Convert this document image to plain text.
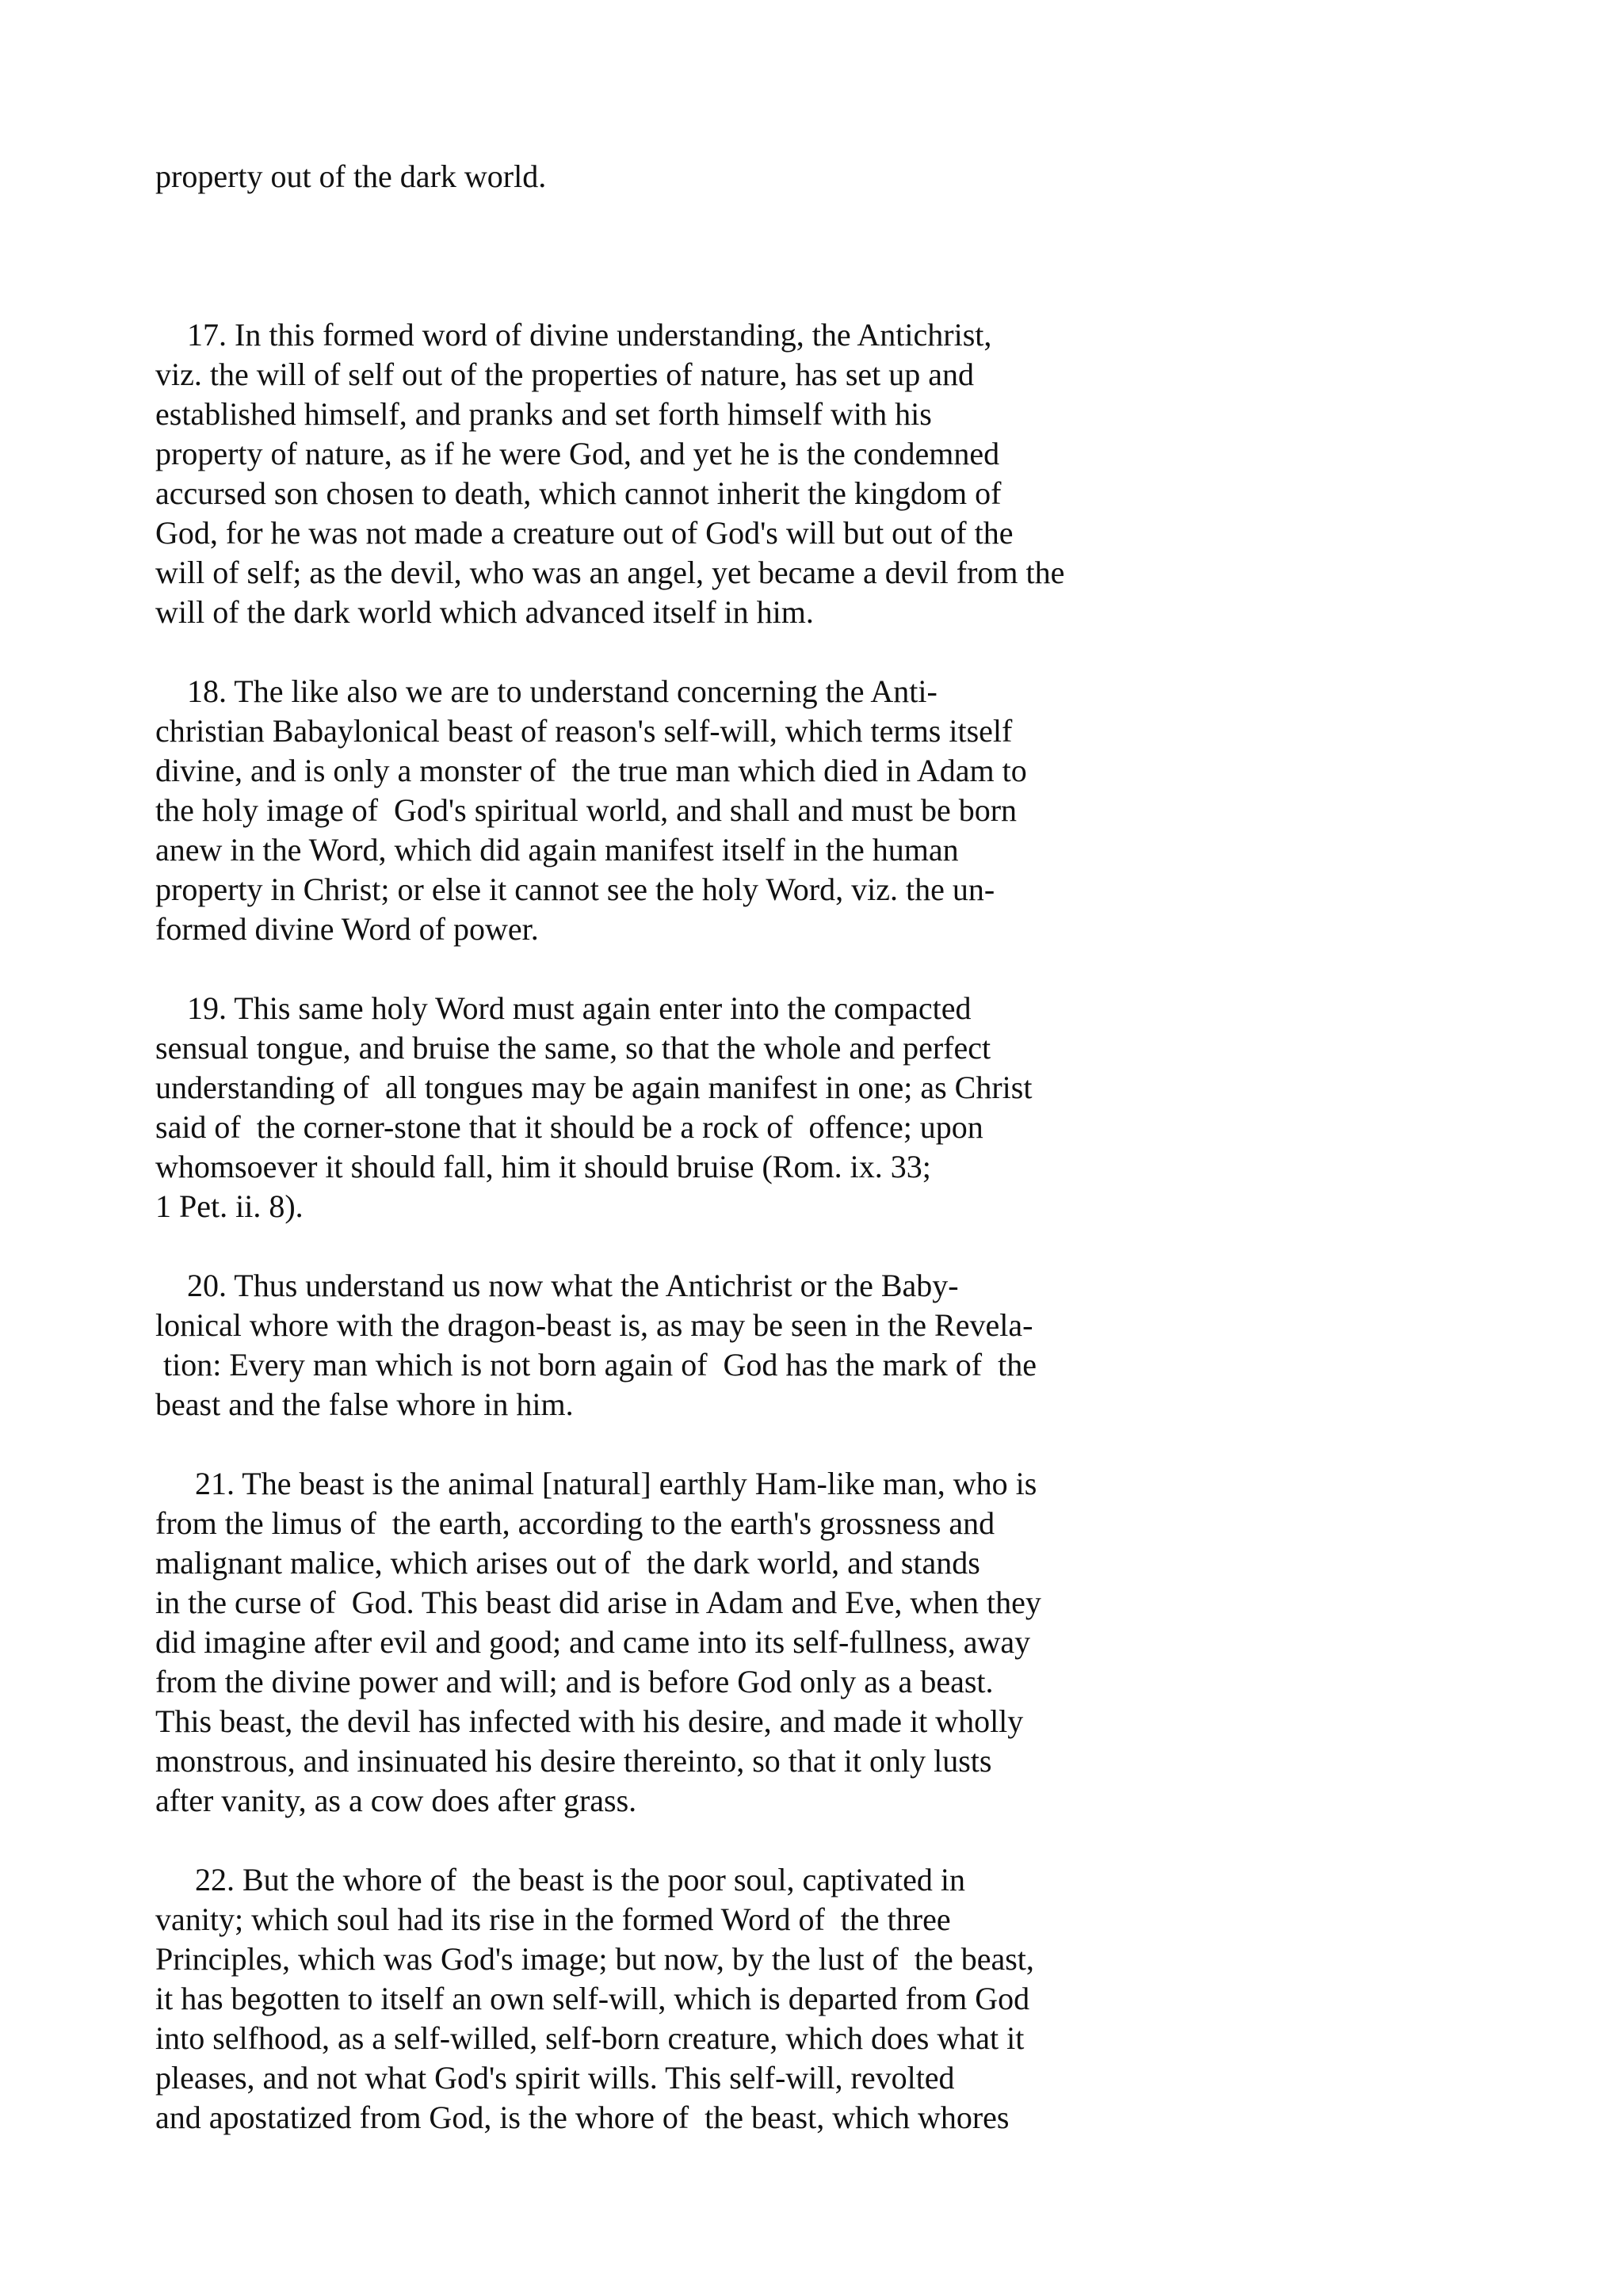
property out of the dark world.

17. In this formed word of divine understanding, the Antichrist,
viz. the will of self out of the properties of nature, has set up and
established himself, and pranks and set forth himself with his
property of nature, as if he were God, and yet he is the condemned
accursed son chosen to death, which cannot inherit the kingdom of
God, for he was not made a creature out of God's will but out of the
will of self; as the devil, who was an angel, yet became a devil from the
will of the dark world which advanced itself in him.

18. The like also we are to understand concerning the Anti-
christian Babaylonical beast of reason's self-will, which terms itself
divine, and is only a monster of  the true man which died in Adam to
the holy image of  God's spiritual world, and shall and must be born
anew in the Word, which did again manifest itself in the human
property in Christ; or else it cannot see the holy Word, viz. the un-
formed divine Word of power.

19. This same holy Word must again enter into the compacted
sensual tongue, and bruise the same, so that the whole and perfect
understanding of  all tongues may be again manifest in one; as Christ
said of  the corner-stone that it should be a rock of  offence; upon
whomsoever it should fall, him it should bruise (Rom. ix. 33;
1 Pet. ii. 8).

20. Thus understand us now what the Antichrist or the Baby-
lonical whore with the dragon-beast is, as may be seen in the Revela-
tion: Every man which is not born again of  God has the mark of  the
beast and the false whore in him.

21. The beast is the animal [natural] earthly Ham-like man, who is
from the limus of  the earth, according to the earth's grossness and
malignant malice, which arises out of  the dark world, and stands
in the curse of  God. This beast did arise in Adam and Eve, when they
did imagine after evil and good; and came into its self-fullness, away
from the divine power and will; and is before God only as a beast.
This beast, the devil has infected with his desire, and made it wholly
monstrous, and insinuated his desire thereinto, so that it only lusts
after vanity, as a cow does after grass.

22. But the whore of  the beast is the poor soul, captivated in
vanity; which soul had its rise in the formed Word of  the three
Principles, which was God's image; but now, by the lust of  the beast,
it has begotten to itself an own self-will, which is departed from God
into selfhood, as a self-willed, self-born creature, which does what it
pleases, and not what God's spirit wills. This self-will, revolted
and apostatized from God, is the whore of  the beast, which whores
